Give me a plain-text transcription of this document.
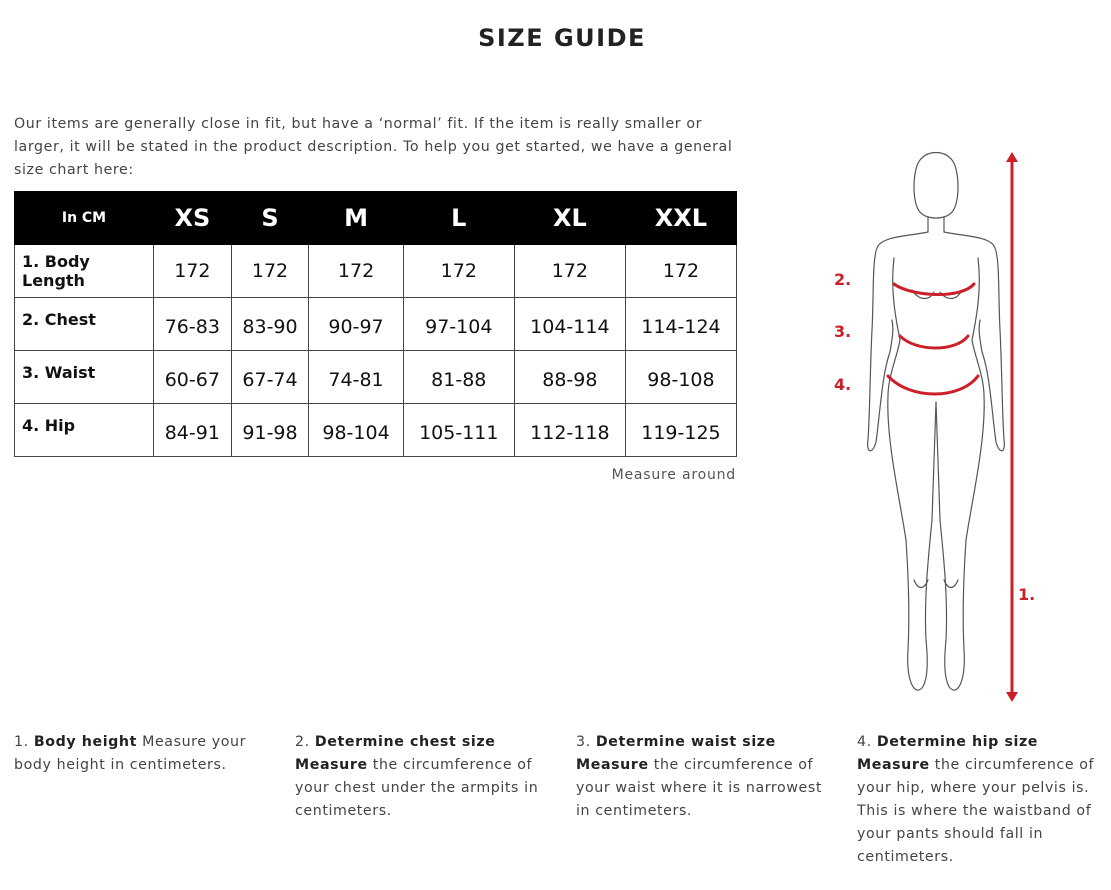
SIZE GUIDE

Our items are generally close in fit, but have a ‘normal’ fit. If the item is really smaller or larger, it will be stated in the product description. To help you get started, we have a general size chart here:

In CM	XS	S	M	L	XL	XXL
1. Body Length	172	172	172	172	172	172
2. Chest	76-83	83-90	90-97	97-104	104-114	114-124
3. Waist	60-67	67-74	74-81	81-88	88-98	98-108
4. Hip	84-91	91-98	98-104	105-111	112-118	119-125
Measure around
1.
2.
3.
4.
1. Body height Measure your body height in centimeters.
2. Determine chest size Measure the circumference of your chest under the armpits in centimeters.
3. Determine waist size Measure the circumference of your waist where it is narrowest in centimeters.
4. Determine hip size Measure the circumference of your hip, where your pelvis is. This is where the waistband of your pants should fall in centimeters.
